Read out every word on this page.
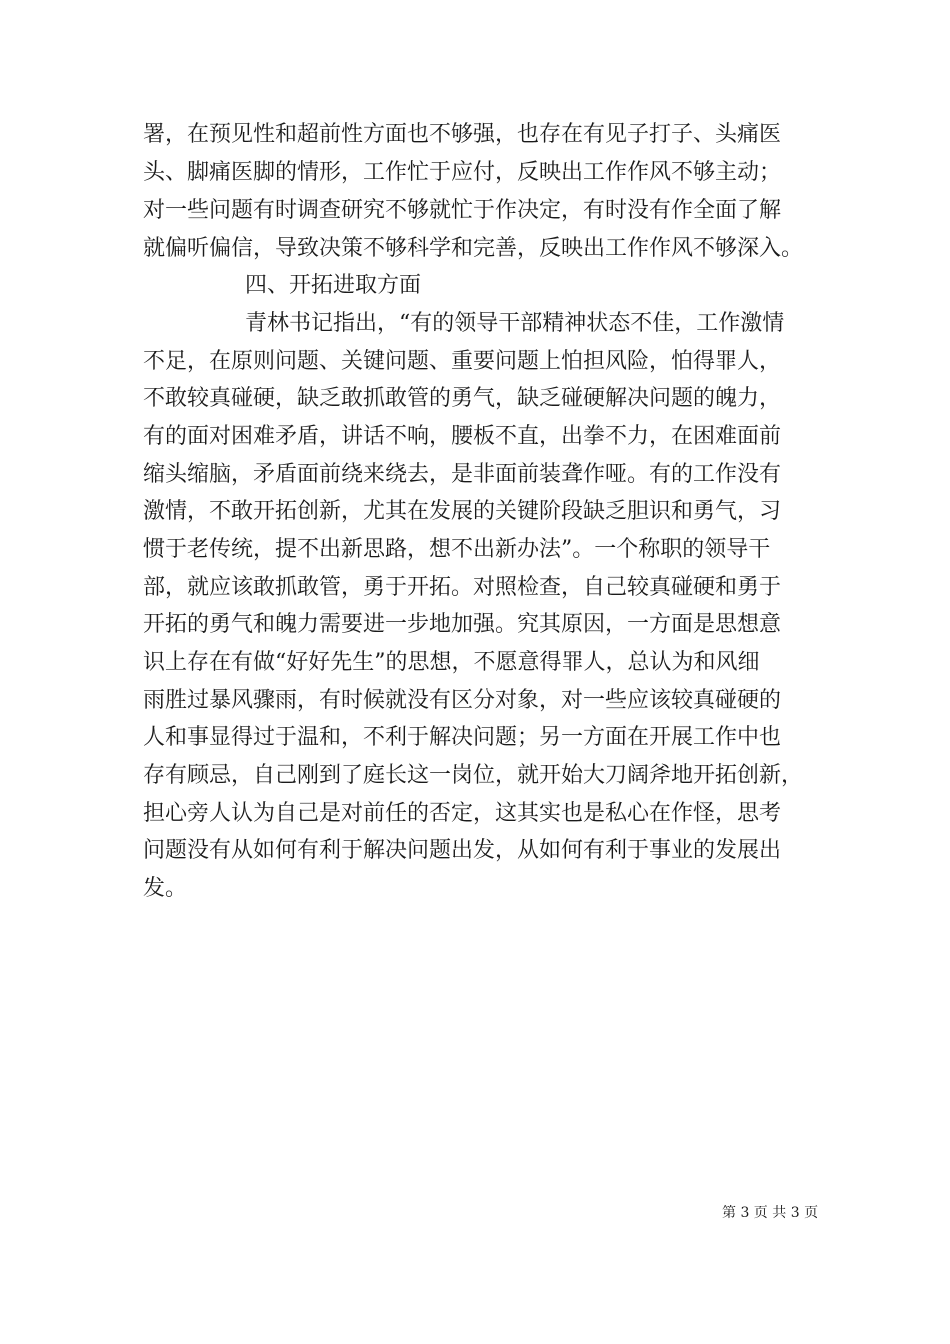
署，在预见性和超前性方面也不够强，也存在有见子打子、头痛医
头、脚痛医脚的情形，工作忙于应付，反映出工作作风不够主动；
对一些问题有时调查研究不够就忙于作决定，有时没有作全面了解
就偏听偏信，导致决策不够科学和完善，反映出工作作风不够深入。
四、开拓进取方面
青林书记指出，“有的领导干部精神状态不佳，工作激情
不足，在原则问题、关键问题、重要问题上怕担风险，怕得罪人，
不敢较真碰硬，缺乏敢抓敢管的勇气，缺乏碰硬解决问题的魄力，
有的面对困难矛盾，讲话不响，腰板不直，出拳不力，在困难面前
缩头缩脑，矛盾面前绕来绕去，是非面前装聋作哑。有的工作没有
激情，不敢开拓创新，尤其在发展的关键阶段缺乏胆识和勇气，习
惯于老传统，提不出新思路，想不出新办法”。一个称职的领导干
部，就应该敢抓敢管，勇于开拓。对照检查，自己较真碰硬和勇于
开拓的勇气和魄力需要进一步地加强。究其原因，一方面是思想意
识上存在有做“好好先生”的思想，不愿意得罪人，总认为和风细
雨胜过暴风骤雨，有时候就没有区分对象，对一些应该较真碰硬的
人和事显得过于温和，不利于解决问题；另一方面在开展工作中也
存有顾忌，自己刚到了庭长这一岗位，就开始大刀阔斧地开拓创新，
担心旁人认为自己是对前任的否定，这其实也是私心在作怪，思考
问题没有从如何有利于解决问题出发，从如何有利于事业的发展出
发。
第 3 页 共 3 页
